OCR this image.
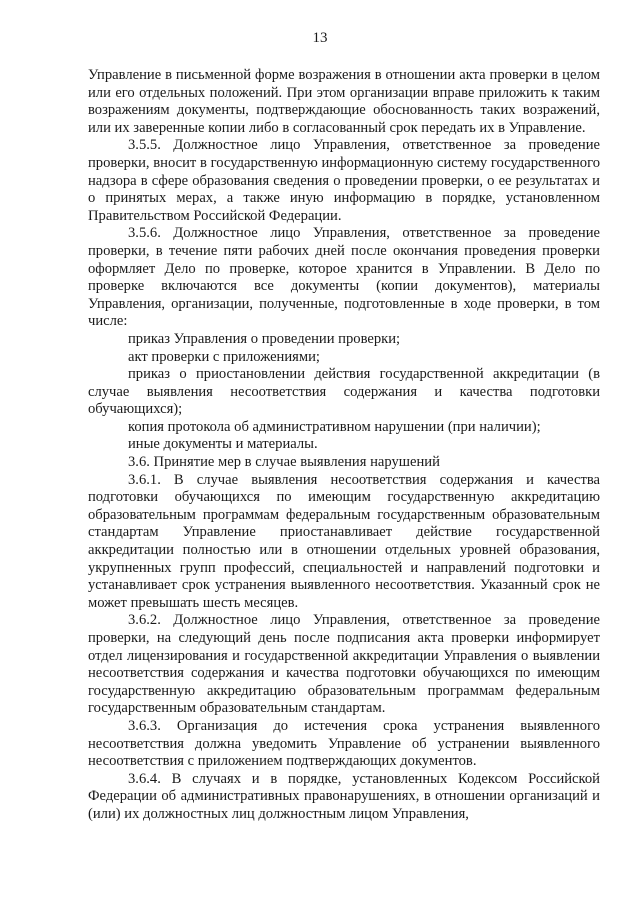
13

Управление в письменной форме возражения в отношении акта проверки в целом или его отдельных положений. При этом организации вправе приложить к таким возражениям документы, подтверждающие обоснованность таких возражений, или их заверенные копии либо в согласованный срок передать их в Управление.

3.5.5. Должностное лицо Управления, ответственное за проведение проверки, вносит в государственную информационную систему государственного надзора в сфере образования сведения о проведении проверки, о ее результатах и о принятых мерах, а также иную информацию в порядке, установленном Правительством Российской Федерации.

3.5.6. Должностное лицо Управления, ответственное за проведение проверки, в течение пяти рабочих дней после окончания проведения проверки оформляет Дело по проверке, которое хранится в Управлении. В Дело по проверке включаются все документы (копии документов), материалы Управления, организации, полученные, подготовленные в ходе проверки, в том числе:

приказ Управления о проведении проверки;

акт проверки с приложениями;

приказ о приостановлении действия государственной аккредитации (в случае выявления несоответствия содержания и качества подготовки обучающихся);

копия протокола об административном нарушении (при наличии);

иные документы и материалы.

3.6. Принятие мер в случае выявления нарушений

3.6.1. В случае выявления несоответствия содержания и качества подготовки обучающихся по имеющим государственную аккредитацию образовательным программам федеральным государственным образовательным стандартам Управление приостанавливает действие государственной аккредитации полностью или в отношении отдельных уровней образования, укрупненных групп профессий, специальностей и направлений подготовки и устанавливает срок устранения выявленного несоответствия. Указанный срок не может превышать шесть месяцев.

3.6.2. Должностное лицо Управления, ответственное за проведение проверки, на следующий день после подписания акта проверки информирует отдел лицензирования и государственной аккредитации Управления о выявлении несоответствия содержания и качества подготовки обучающихся по имеющим государственную аккредитацию образовательным программам федеральным государственным образовательным стандартам.

3.6.3. Организация до истечения срока устранения выявленного несоответствия должна уведомить Управление об устранении выявленного несоответствия с приложением подтверждающих документов.

3.6.4. В случаях и в порядке, установленных Кодексом Российской Федерации об административных правонарушениях, в отношении организаций и (или) их должностных лиц должностным лицом Управления,
